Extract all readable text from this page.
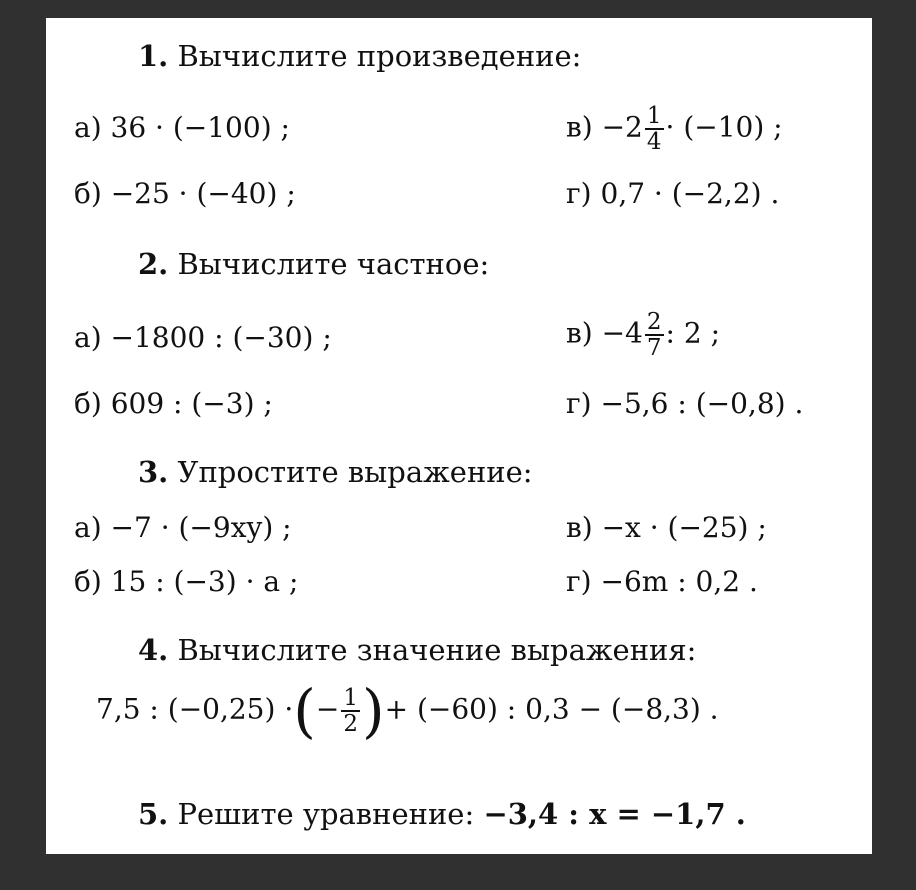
1. Вычислите произведение:
а) 36 · (−100) ;	$в) -2 \frac{1}{4} \cdot (-10)$ ;
б) −25 · (−40) ;	г) 0,7 · (−2,2) .
2. Вычислите частное:
а) −1800 : (−30) ;	$в) -4 \frac{2}{7}$ : 2 ;
б) 609 : (−3) ;	г) −5,6 : (−0,8) .
3. Упростите выражение:
а) −7 · (−9xy) ;	в) −x · (−25) ;
б) 15 : (−3) · a ;	г) −6m : 0,2 .
4. Вычислите значение выражения:
7,5 : (−0,25) ·(− $\frac{1}{2}$ )+ (−60) : 0,3 − (−8,3) .
5. Решите уравнение: −3,4 : x = −1,7 .
